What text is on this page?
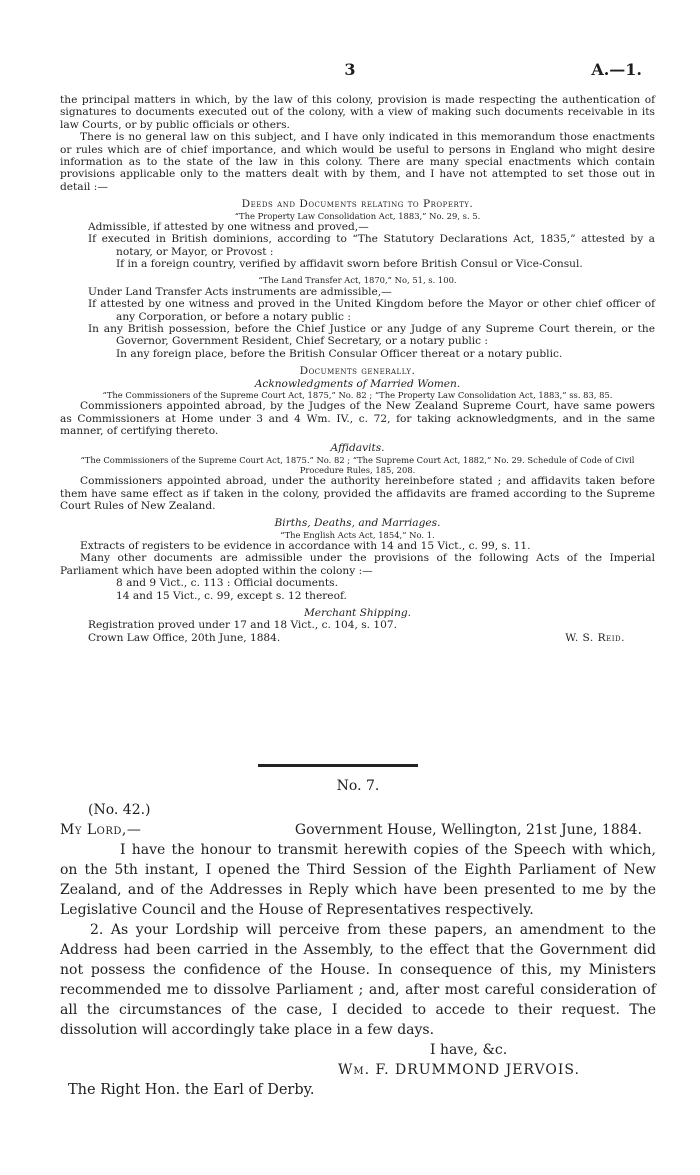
3	A.—1.

the principal matters in which, by the law of this colony, provision is made respecting the authentication of signatures to documents executed out of the colony, with a view of making such documents receivable in its law Courts, or by public officials or others.

There is no general law on this subject, and I have only indicated in this memorandum those enactments or rules which are of chief importance, and which would be useful to persons in England who might desire information as to the state of the law in this colony. There are many special enactments which contain provisions applicable only to the matters dealt with by them, and I have not attempted to set those out in detail :—

Deeds and Documents relating to Property.

“The Property Law Consolidation Act, 1883,” No. 29, s. 5.

Admissible, if attested by one witness and proved,—

If executed in British dominions, according to “The Statutory Declarations Act, 1835,” attested by a notary, or Mayor, or Provost :

If in a foreign country, verified by affidavit sworn before British Consul or Vice-Consul.

“The Land Transfer Act, 1870,” No, 51, s. 100.

Under Land Transfer Acts instruments are admissible,—

If attested by one witness and proved in the United Kingdom before the Mayor or other chief officer of any Corporation, or before a notary public :

In any British possession, before the Chief Justice or any Judge of any Supreme Court therein, or the Governor, Government Resident, Chief Secretary, or a notary public :

In any foreign place, before the British Consular Officer thereat or a notary public.

Documents generally.

Acknowledgments of Married Women.

“The Commissioners of the Supreme Court Act, 1875,” No. 82 ; “The Property Law Consolidation Act, 1883,” ss. 83, 85.

Commissioners appointed abroad, by the Judges of the New Zealand Supreme Court, have same powers as Commissioners at Home under 3 and 4 Wm. IV., c. 72, for taking acknowledgments, and in the same manner, of certifying thereto.

Affidavits.

“The Commissioners of the Supreme Court Act, 1875.” No. 82 ; “The Supreme Court Act, 1882,” No. 29. Schedule of Code of Civil Procedure Rules, 185, 208.

Commissioners appointed abroad, under the authority hereinbefore stated ; and affidavits taken before them have same effect as if taken in the colony, provided the affidavits are framed according to the Supreme Court Rules of New Zealand.

Births, Deaths, and Marriages.

“The English Acts Act, 1854,” No. 1.

Extracts of registers to be evidence in accordance with 14 and 15 Vict., c. 99, s. 11.

Many other documents are admissible under the provisions of the following Acts of the Imperial Parliament which have been adopted within the colony :—

8 and 9 Vict., c. 113 : Official documents.

14 and 15 Vict., c. 99, except s. 12 thereof.

Merchant Shipping.

Registration proved under 17 and 18 Vict., c. 104, s. 107.

Crown Law Office, 20th June, 1884.	W. S. Reid.

No. 7.

(No. 42.)

My Lord,—	Government House, Wellington, 21st June, 1884.

I have the honour to transmit herewith copies of the Speech with which, on the 5th instant, I opened the Third Session of the Eighth Parliament of New Zealand, and of the Addresses in Reply which have been presented to me by the Legislative Council and the House of Representatives respectively.

2. As your Lordship will perceive from these papers, an amendment to the Address had been carried in the Assembly, to the effect that the Government did not possess the confidence of the House. In consequence of this, my Ministers recommended me to dissolve Parliament ; and, after most careful consideration of all the circumstances of the case, I decided to accede to their request. The dissolution will accordingly take place in a few days.

I have, &c.

Wm. F. DRUMMOND JERVOIS.

The Right Hon. the Earl of Derby.
